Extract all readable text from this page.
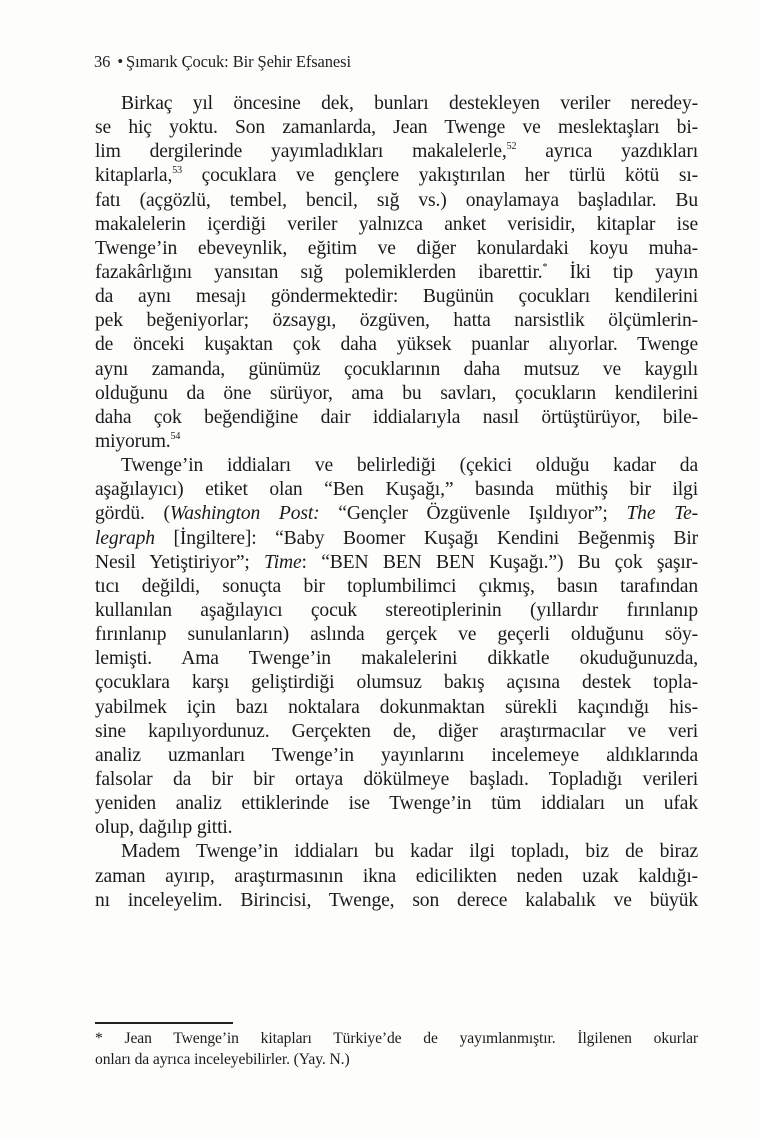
36 • Şımarık Çocuk: Bir Şehir Efsanesi
Birkaç yıl öncesine dek, bunları destekleyen veriler neredey-
se hiç yoktu. Son zamanlarda, Jean Twenge ve meslektaşları bi-
lim dergilerinde yayımladıkları makalelerle,$^{52}$ ayrıca yazdıkları
kitaplarla,$^{53}$ çocuklara ve gençlere yakıştırılan her türlü kötü sı-
fatı (açgözlü, tembel, bencil, sığ vs.) onaylamaya başladılar. Bu
makalelerin içerdiği veriler yalnızca anket verisidir, kitaplar ise
Twenge’in ebeveynlik, eğitim ve diğer konulardaki koyu muha-
fazakârlığını yansıtan sığ polemiklerden ibarettir.* İki tip yayın
da aynı mesajı göndermektedir: Bugünün çocukları kendilerini
pek beğeniyorlar; özsaygı, özgüven, hatta narsistlik ölçümlerin-
de önceki kuşaktan çok daha yüksek puanlar alıyorlar. Twenge
aynı zamanda, günümüz çocuklarının daha mutsuz ve kaygılı
olduğunu da öne sürüyor, ama bu savları, çocukların kendilerini
daha çok beğendiğine dair iddialarıyla nasıl örtüştürüyor, bile-
miyorum.$^{54}$
Twenge’in iddiaları ve belirlediği (çekici olduğu kadar da
aşağılayıcı) etiket olan “Ben Kuşağı,” basında müthiş bir ilgi
gördü. (Washington Post: “Gençler Özgüvenle Işıldıyor”; The Te-
legraph [İngiltere]: “Baby Boomer Kuşağı Kendini Beğenmiş Bir
Nesil Yetiştiriyor”; Time: “BEN BEN BEN Kuşağı.”) Bu çok şaşır-
tıcı değildi, sonuçta bir toplumbilimci çıkmış, basın tarafından
kullanılan aşağılayıcı çocuk stereotiplerinin (yıllardır fırınlanıp
fırınlanıp sunulanların) aslında gerçek ve geçerli olduğunu söy-
lemişti. Ama Twenge’in makalelerini dikkatle okuduğunuzda,
çocuklara karşı geliştirdiği olumsuz bakış açısına destek topla-
yabilmek için bazı noktalara dokunmaktan sürekli kaçındığı his-
sine kapılıyordunuz. Gerçekten de, diğer araştırmacılar ve veri
analiz uzmanları Twenge’in yayınlarını incelemeye aldıklarında
falsolar da bir bir ortaya dökülmeye başladı. Topladığı verileri
yeniden analiz ettiklerinde ise Twenge’in tüm iddiaları un ufak
olup, dağılıp gitti.
Madem Twenge’in iddiaları bu kadar ilgi topladı, biz de biraz
zaman ayırıp, araştırmasının ikna edicilikten neden uzak kaldığı-
nı inceleyelim. Birincisi, Twenge, son derece kalabalık ve büyük
* Jean Twenge’in kitapları Türkiye’de de yayımlanmıştır. İlgilenen okurlar
onları da ayrıca inceleyebilirler. (Yay. N.)
